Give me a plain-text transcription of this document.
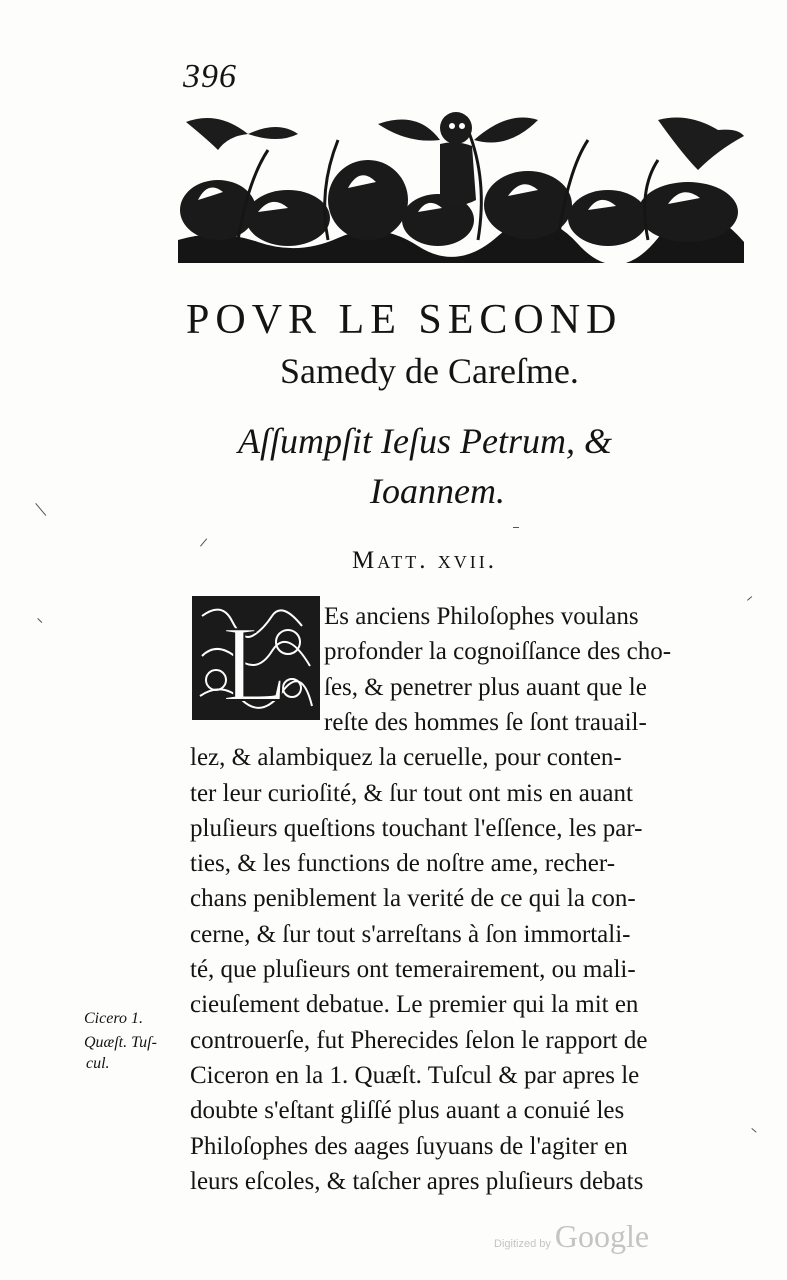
396
POVR LE SECOND
Samedy de Careſme.
Aſſumpſit Ieſus Petrum, &
Ioannem.
Matt. xvii.
L Es anciens Philoſophes voulans
profonder la cognoiſſance des cho-
ſes, & penetrer plus auant que le
reſte des hommes ſe ſont trauail-
lez, & alambiquez la ceruelle, pour conten-
ter leur curioſité, & ſur tout ont mis en auant
pluſieurs queſtions touchant l'eſſence, les par-
ties, & les functions de noſtre ame, recher-
chans peniblement la verité de ce qui la con-
cerne, & ſur tout s'arreſtans à ſon immortali-
té, que pluſieurs ont temerairement, ou mali-
cieuſement debatue. Le premier qui la mit en
controuerſe, fut Pherecides ſelon le rapport de
Ciceron en la 1. Quæſt. Tuſcul & par apres le
doubte s'eſtant gliſſé plus auant a conuié les
Philoſophes des aages ſuyuans de l'agiter en
leurs eſcoles, & taſcher apres pluſieurs debats
Cicero 1.
Quæſt. Tuſ-
cul.
Digitized by Google
